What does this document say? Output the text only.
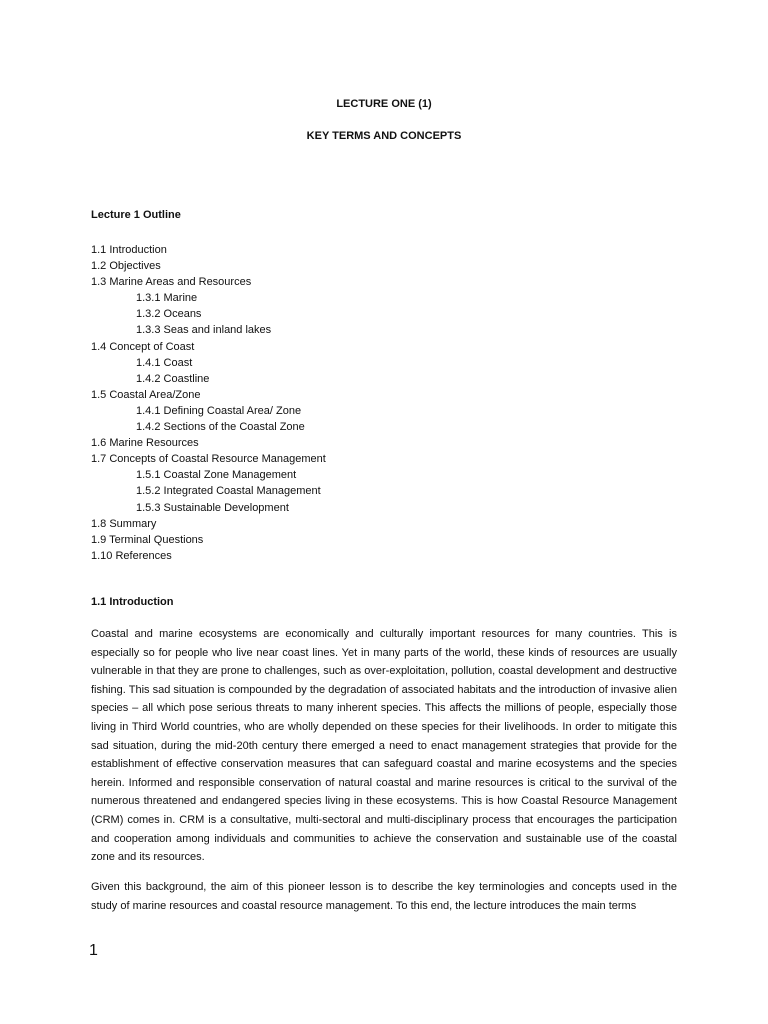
LECTURE ONE (1)
KEY TERMS AND CONCEPTS
Lecture 1 Outline
1.1 Introduction
1.2 Objectives
1.3 Marine Areas and Resources
1.3.1 Marine
1.3.2 Oceans
1.3.3 Seas and inland lakes
1.4 Concept of Coast
1.4.1 Coast
1.4.2 Coastline
1.5 Coastal Area/Zone
1.4.1 Defining Coastal Area/ Zone
1.4.2 Sections of the Coastal Zone
1.6 Marine Resources
1.7 Concepts of Coastal Resource Management
1.5.1 Coastal Zone Management
1.5.2 Integrated Coastal Management
1.5.3 Sustainable Development
1.8 Summary
1.9 Terminal Questions
1.10 References
1.1 Introduction

Coastal and marine ecosystems are economically and culturally important resources for many countries. This is especially so for people who live near coast lines. Yet in many parts of the world, these kinds of resources are usually vulnerable in that they are prone to challenges, such as over-exploitation, pollution, coastal development and destructive fishing. This sad situation is compounded by the degradation of associated habitats and the introduction of invasive alien species – all which pose serious threats to many inherent species. This affects the millions of people, especially those living in Third World countries, who are wholly depended on these species for their livelihoods. In order to mitigate this sad situation, during the mid-20th century there emerged a need to enact management strategies that provide for the establishment of effective conservation measures that can safeguard coastal and marine ecosystems and the species herein. Informed and responsible conservation of natural coastal and marine resources is critical to the survival of the numerous threatened and endangered species living in these ecosystems. This is how Coastal Resource Management (CRM) comes in. CRM is a consultative, multi-sectoral and multi-disciplinary process that encourages the participation and cooperation among individuals and communities to achieve the conservation and sustainable use of the coastal zone and its resources.

Given this background, the aim of this pioneer lesson is to describe the key terminologies and concepts used in the study of marine resources and coastal resource management. To this end, the lecture introduces the main terms

1
